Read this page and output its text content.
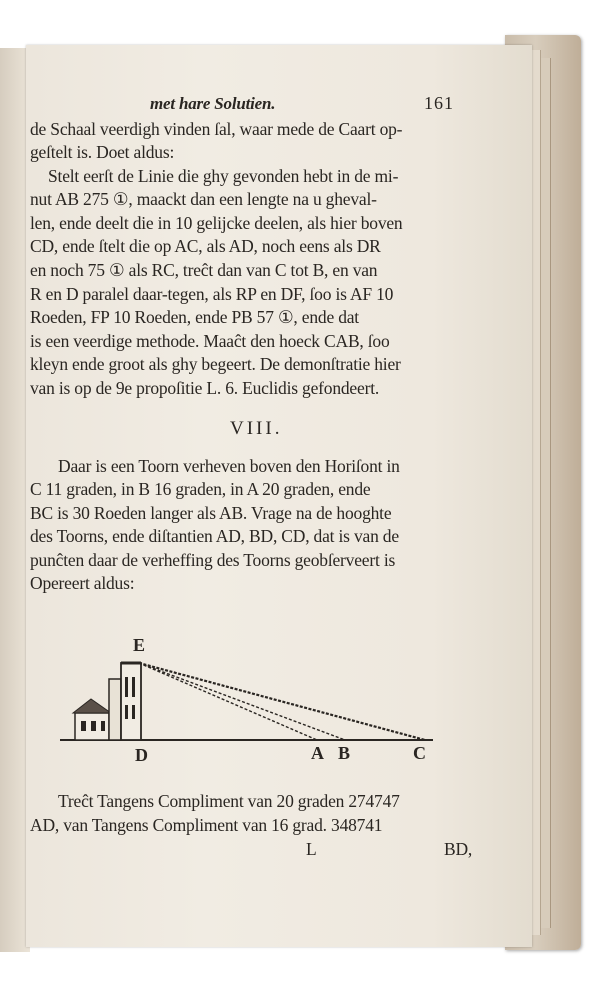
met hare Solutien.	161
de Schaal veerdigh vinden ſal, waar mede de Caart op-
geſtelt is. Doet aldus:
Stelt eerſt de Linie die ghy gevonden hebt in de mi-
nut AB 275 ①, maackt dan een lengte na u gheval-
len, ende deelt die in 10 gelijcke deelen, als hier boven
CD, ende ſtelt die op AC, als AD, noch eens als DR
en noch 75 ① als RC, treĉt dan van C tot B, en van
R en D paralel daar-tegen, als RP en DF, ſoo is AF 10
Roeden, FP 10 Roeden, ende PB 57 ①, ende dat
is een veerdige methode. Maaĉt den hoeck CAB, ſoo
kleyn ende groot als ghy begeert. De demonſtratie hier
van is op de 9e propoſitie L. 6. Euclidis gefondeert.
VIII.
Daar is een Toorn verheven boven den Horiſont in
C 11 graden, in B 16 graden, in A 20 graden, ende
BC is 30 Roeden langer als AB. Vrage na de hooghte
des Toorns, ende diſtantien AD, BD, CD, dat is van de
punĉten daar de verheffing des Toorns geobſerveert is
Opereert aldus:
E
D	A B	C
Treĉt Tangens Compliment van 20 graden 274747
AD, van Tangens Compliment van 16 grad. 348741
L	BD,
